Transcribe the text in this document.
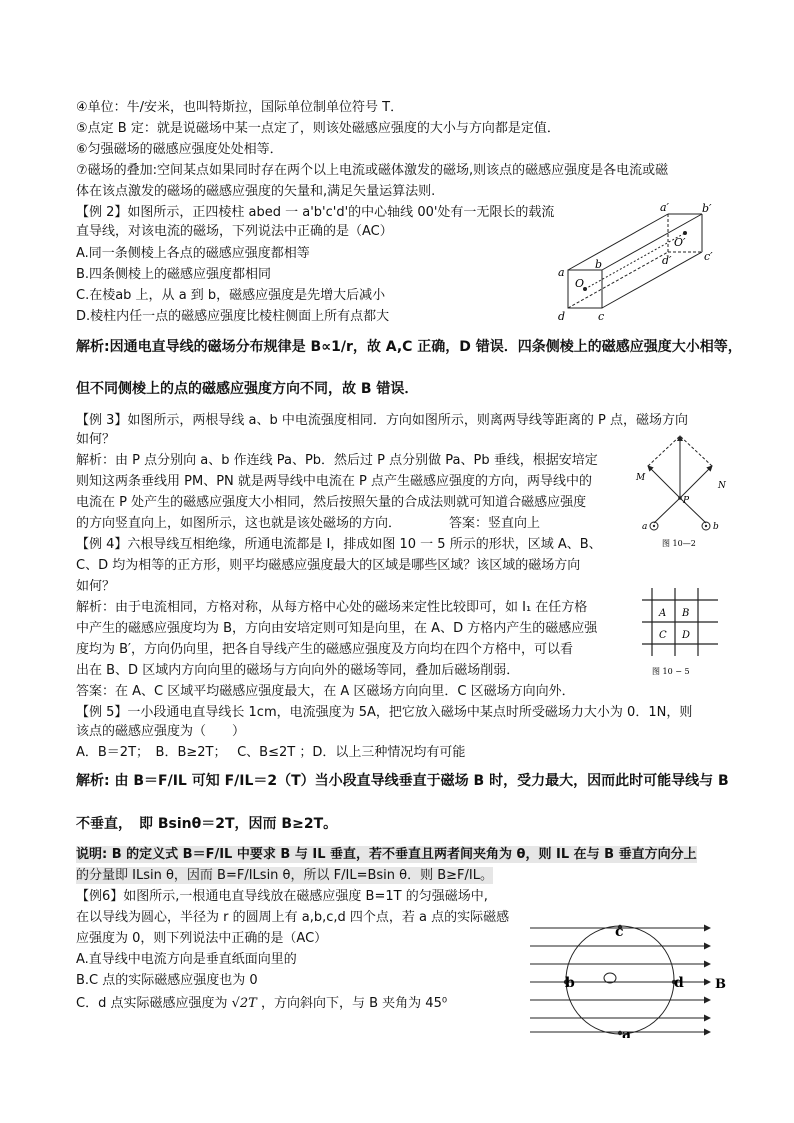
④单位：牛/安米，也叫特斯拉，国际单位制单位符号 T．
⑤点定 B 定：就是说磁场中某一点定了，则该处磁感应强度的大小与方向都是定值．
⑥匀强磁场的磁感应强度处处相等．
⑦磁场的叠加:空间某点如果同时存在两个以上电流或磁体激发的磁场,则该点的磁感应强度是各电流或磁
体在该点激发的磁场的磁感应强度的矢量和,满足矢量运算法则.
【例 2】如图所示，正四棱柱 abed 一 a'b'c'd'的中心轴线 00'处有一无限长的载流
直导线，对该电流的磁场，下列说法中正确的是（AC）
A.同一条侧棱上各点的磁感应强度都相等
B.四条侧棱上的磁感应强度都相同
C.在棱ab 上，从 a 到 b，磁感应强度是先增大后减小
D.棱柱内任一点的磁感应强度比棱柱侧面上所有点都大
a
b
c
d
a′	b′
c′
d′
O
O′
解析:因通电直导线的磁场分布规律是 B∝1/r，故 A,C 正确，D 错误．四条侧棱上的磁感应强度大小相等，
但不同侧棱上的点的磁感应强度方向不同，故 B 错误．
【例 3】如图所示，两根导线 a、b 中电流强度相同．方向如图所示，则离两导线等距离的 P 点，磁场方向
如何？
解析：由 P 点分别向 a、b 作连线 Pa、Pb．然后过 P 点分别做 Pa、Pb 垂线，根据安培定
则知这两条垂线用 PM、PN 就是两导线中电流在 P 点产生磁感应强度的方向，两导线中的
电流在 P 处产生的磁感应强度大小相同，然后按照矢量的合成法则就可知道合磁感应强度
的方向竖直向上，如图所示，这也就是该处磁场的方向．	答案：竖直向上
M
N
P
a	b
图 10—2
【例 4】六根导线互相绝缘，所通电流都是 I，排成如图 10 一 5 所示的形状，区域 A、B、
C、D 均为相等的正方形，则平均磁感应强度最大的区域是哪些区域？该区域的磁场方向
如何？
解析：由于电流相同，方格对称，从每方格中心处的磁场来定性比较即可，如 I₁ 在任方格
中产生的磁感应强度均为 B，方向由安培定则可知是向里，在 A、D 方格内产生的磁感应强
度均为 B′，方向仍向里，把各自导线产生的磁感应强度及方向均在四个方格中，可以看
出在 B、D 区域内方向向里的磁场与方向向外的磁场等同，叠加后磁场削弱．
答案：在 A、C 区域平均磁感应强度最大，在 A 区磁场方向向里．C 区磁场方向向外．
A B
C D
图 10 − 5
【例 5】一小段通电直导线长 1cm，电流强度为 5A，把它放入磁场中某点时所受磁场力大小为 0．1N，则
该点的磁感应强度为（　　）
A．B＝2T；　B．B≥2T；　 C、B≤2T ；D．以上三种情况均有可能
解析: 由 B＝F/IL 可知 F/IL＝2（T）当小段直导线垂直于磁场 B 时，受力最大，因而此时可能导线与 B
不垂直，　即 Bsinθ＝2T，因而 B≥2T。
说明: B 的定义式 B＝F/IL 中要求 B 与 IL 垂直，若不垂直且两者间夹角为 θ，则 IL 在与 B 垂直方向分上
的分量即 ILsin θ，因而 B=F/ILsin θ，所以 F/IL=Bsin θ．则 B≥F/IL。
【例6】如图所示,一根通电直导线放在磁感应强度 B=1T 的匀强磁场中,
在以导线为圆心，半径为 r 的圆周上有 a,b,c,d 四个点，若 a 点的实际磁感
应强度为 0，则下列说法中正确的是（AC）
A.直导线中电流方向是垂直纸面向里的
B.C 点的实际磁感应强度也为 0
C．d 点实际磁感应强度为 √2T ，方向斜向下，与 B 夹角为 45⁰
c
a
b	d B
